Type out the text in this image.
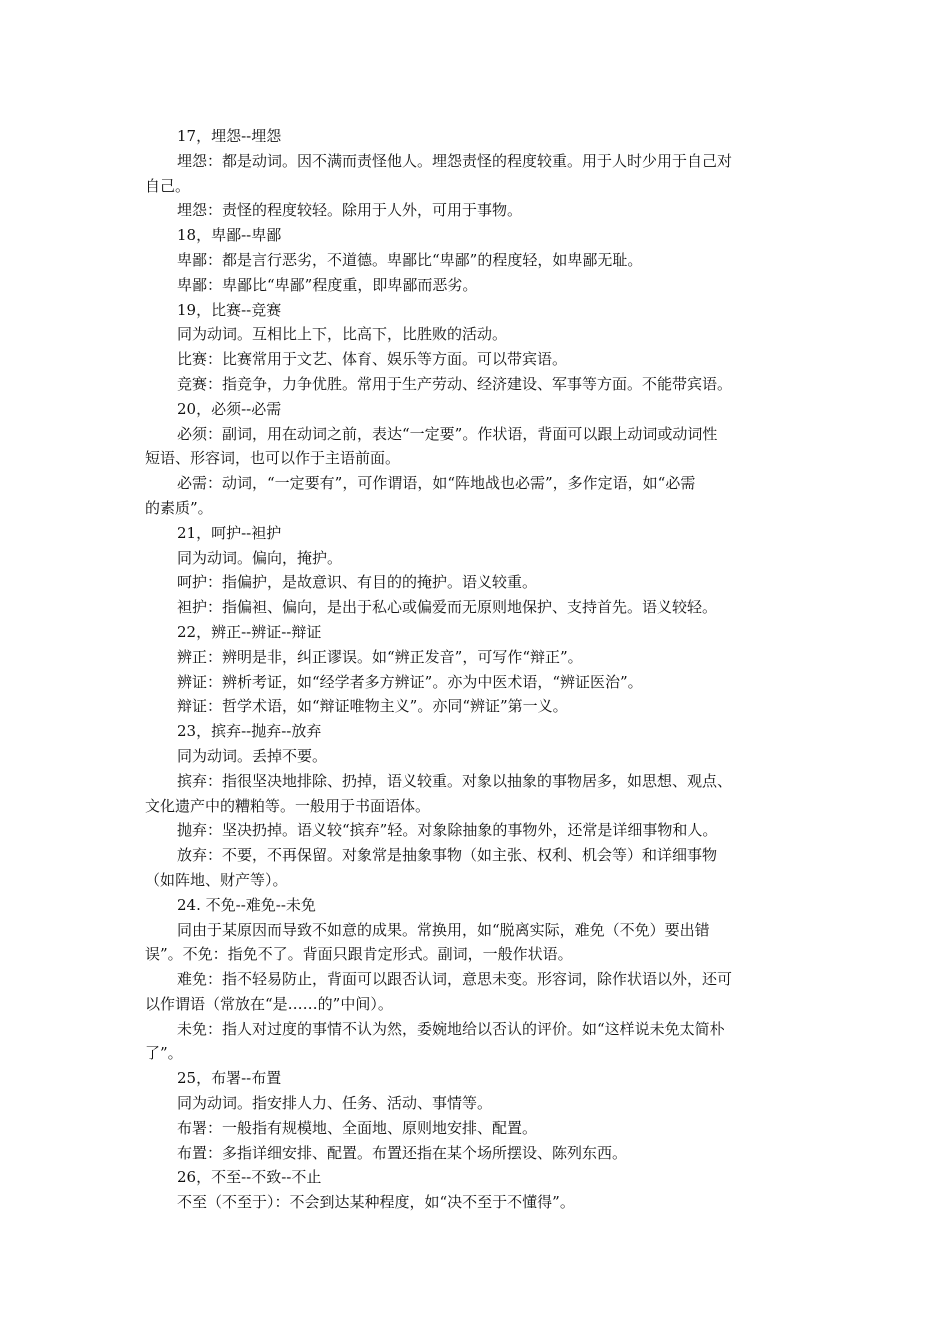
17，埋怨--埋怨
埋怨：都是动词。因不满而责怪他人。埋怨责怪的程度较重。用于人时少用于自己对
自己。
埋怨：责怪的程度较轻。除用于人外，可用于事物。
18，卑鄙--卑鄙
卑鄙：都是言行恶劣，不道德。卑鄙比“卑鄙”的程度轻，如卑鄙无耻。
卑鄙：卑鄙比“卑鄙”程度重，即卑鄙而恶劣。
19，比赛--竞赛
同为动词。互相比上下，比高下，比胜败的活动。
比赛：比赛常用于文艺、体育、娱乐等方面。可以带宾语。
竞赛：指竞争，力争优胜。常用于生产劳动、经济建设、军事等方面。不能带宾语。
20，必须--必需
必须：副词，用在动词之前，表达“一定要”。作状语，背面可以跟上动词或动词性
短语、形容词，也可以作于主语前面。
必需：动词，“一定要有”，可作谓语，如“阵地战也必需”，多作定语，如“必需
的素质”。
21，呵护--袒护
同为动词。偏向，掩护。
呵护：指偏护，是故意识、有目的的掩护。语义较重。
袒护：指偏袒、偏向，是出于私心或偏爱而无原则地保护、支持首先。语义较轻。
22，辨正--辨证--辩证
辨正：辨明是非，纠正谬误。如“辨正发音”，可写作“辩正”。
辨证：辨析考证，如“经学者多方辨证”。亦为中医术语，“辨证医治”。
辩证：哲学术语，如“辩证唯物主义”。亦同“辨证”第一义。
23，摈弃--抛弃--放弃
同为动词。丢掉不要。
摈弃：指很坚决地排除、扔掉，语义较重。对象以抽象的事物居多，如思想、观点、
文化遗产中的糟粕等。一般用于书面语体。
抛弃：坚决扔掉。语义较“摈弃”轻。对象除抽象的事物外，还常是详细事物和人。
放弃：不要，不再保留。对象常是抽象事物（如主张、权利、机会等）和详细事物
（如阵地、财产等）。
24. 不免--难免--未免
同由于某原因而导致不如意的成果。常换用，如“脱离实际，难免（不免）要出错
误”。不免：指免不了。背面只跟肯定形式。副词，一般作状语。
难免：指不轻易防止，背面可以跟否认词，意思未变。形容词，除作状语以外，还可
以作谓语（常放在“是……的”中间）。
未免：指人对过度的事情不认为然，委婉地给以否认的评价。如“这样说未免太简朴
了”。
25，布署--布置
同为动词。指安排人力、任务、活动、事情等。
布署：一般指有规模地、全面地、原则地安排、配置。
布置：多指详细安排、配置。布置还指在某个场所摆设、陈列东西。
26，不至--不致--不止
不至（不至于）：不会到达某种程度，如“决不至于不懂得”。
